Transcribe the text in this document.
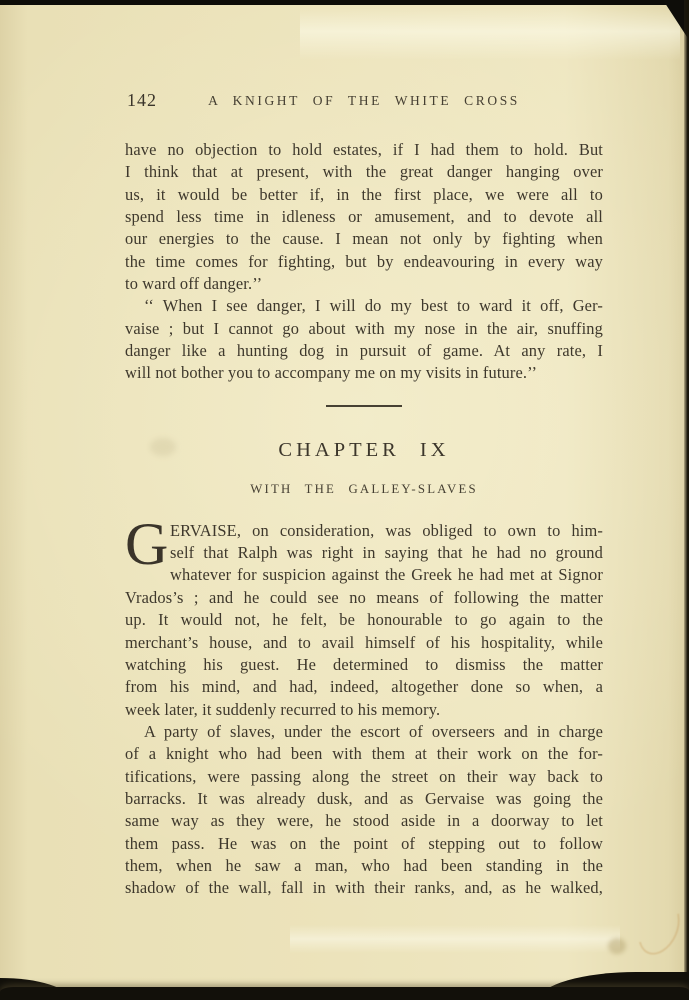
142	A KNIGHT OF THE WHITE CROSS
have no objection to hold estates, if I had them to hold. But
I think that at present, with the great danger hanging over
us, it would be better if, in the first place, we were all to
spend less time in idleness or amusement, and to devote all
our energies to the cause. I mean not only by fighting when
the time comes for fighting, but by endeavouring in every way
to ward off danger.’’
‘‘ When I see danger, I will do my best to ward it off, Ger-
vaise ; but I cannot go about with my nose in the air, snuffing
danger like a hunting dog in pursuit of game. At any rate, I
will not bother you to accompany me on my visits in future.’’
CHAPTER IX
WITH THE GALLEY-SLAVES
G ERVAISE, on consideration, was obliged to own to him-
self that Ralph was right in saying that he had no ground
whatever for suspicion against the Greek he had met at Signor
Vrados’s ; and he could see no means of following the matter
up. It would not, he felt, be honourable to go again to the
merchant’s house, and to avail himself of his hospitality, while
watching his guest. He determined to dismiss the matter
from his mind, and had, indeed, altogether done so when, a
week later, it suddenly recurred to his memory.
A party of slaves, under the escort of overseers and in charge
of a knight who had been with them at their work on the for-
tifications, were passing along the street on their way back to
barracks. It was already dusk, and as Gervaise was going the
same way as they were, he stood aside in a doorway to let
them pass. He was on the point of stepping out to follow
them, when he saw a man, who had been standing in the
shadow of the wall, fall in with their ranks, and, as he walked,
